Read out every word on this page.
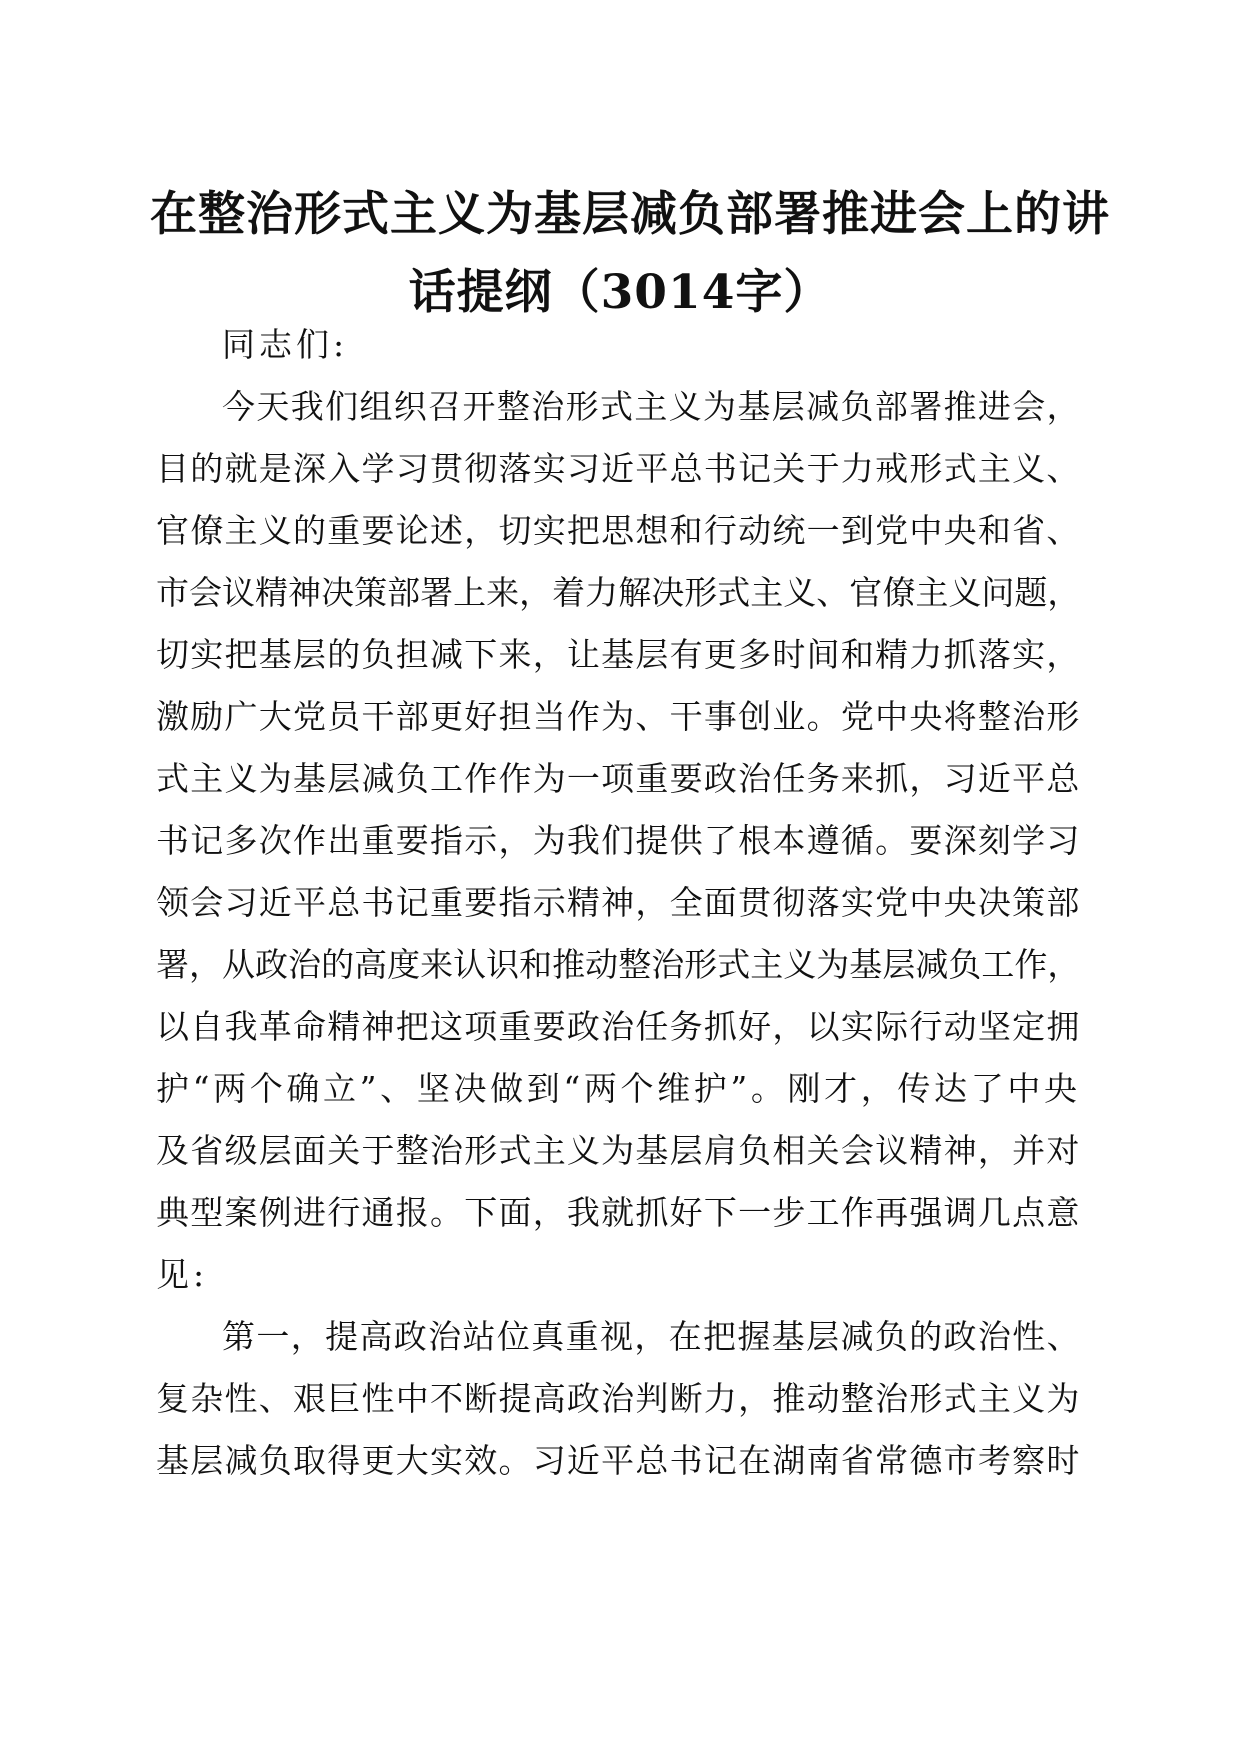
在整治形式主义为基层减负部署推进会上的讲
话提纲（3014字）
同志们:
今天我们组织召开整治形式主义为基层减负部署推进会，
目的就是深入学习贯彻落实习近平总书记关于力戒形式主义、
官僚主义的重要论述，切实把思想和行动统一到党中央和省、
市会议精神决策部署上来，着力解决形式主义、官僚主义问题，
切实把基层的负担减下来，让基层有更多时间和精力抓落实，
激励广大党员干部更好担当作为、干事创业。党中央将整治形
式主义为基层减负工作作为一项重要政治任务来抓，习近平总
书记多次作出重要指示，为我们提供了根本遵循。要深刻学习
领会习近平总书记重要指示精神，全面贯彻落实党中央决策部
署，从政治的高度来认识和推动整治形式主义为基层减负工作，
以自我革命精神把这项重要政治任务抓好，以实际行动坚定拥
护“两个确立”、坚决做到“两个维护”。刚才，传达了中央
及省级层面关于整治形式主义为基层肩负相关会议精神，并对
典型案例进行通报。下面，我就抓好下一步工作再强调几点意
见:
第一，提高政治站位真重视，在把握基层减负的政治性、
复杂性、艰巨性中不断提高政治判断力，推动整治形式主义为
基层减负取得更大实效。习近平总书记在湖南省常德市考察时
